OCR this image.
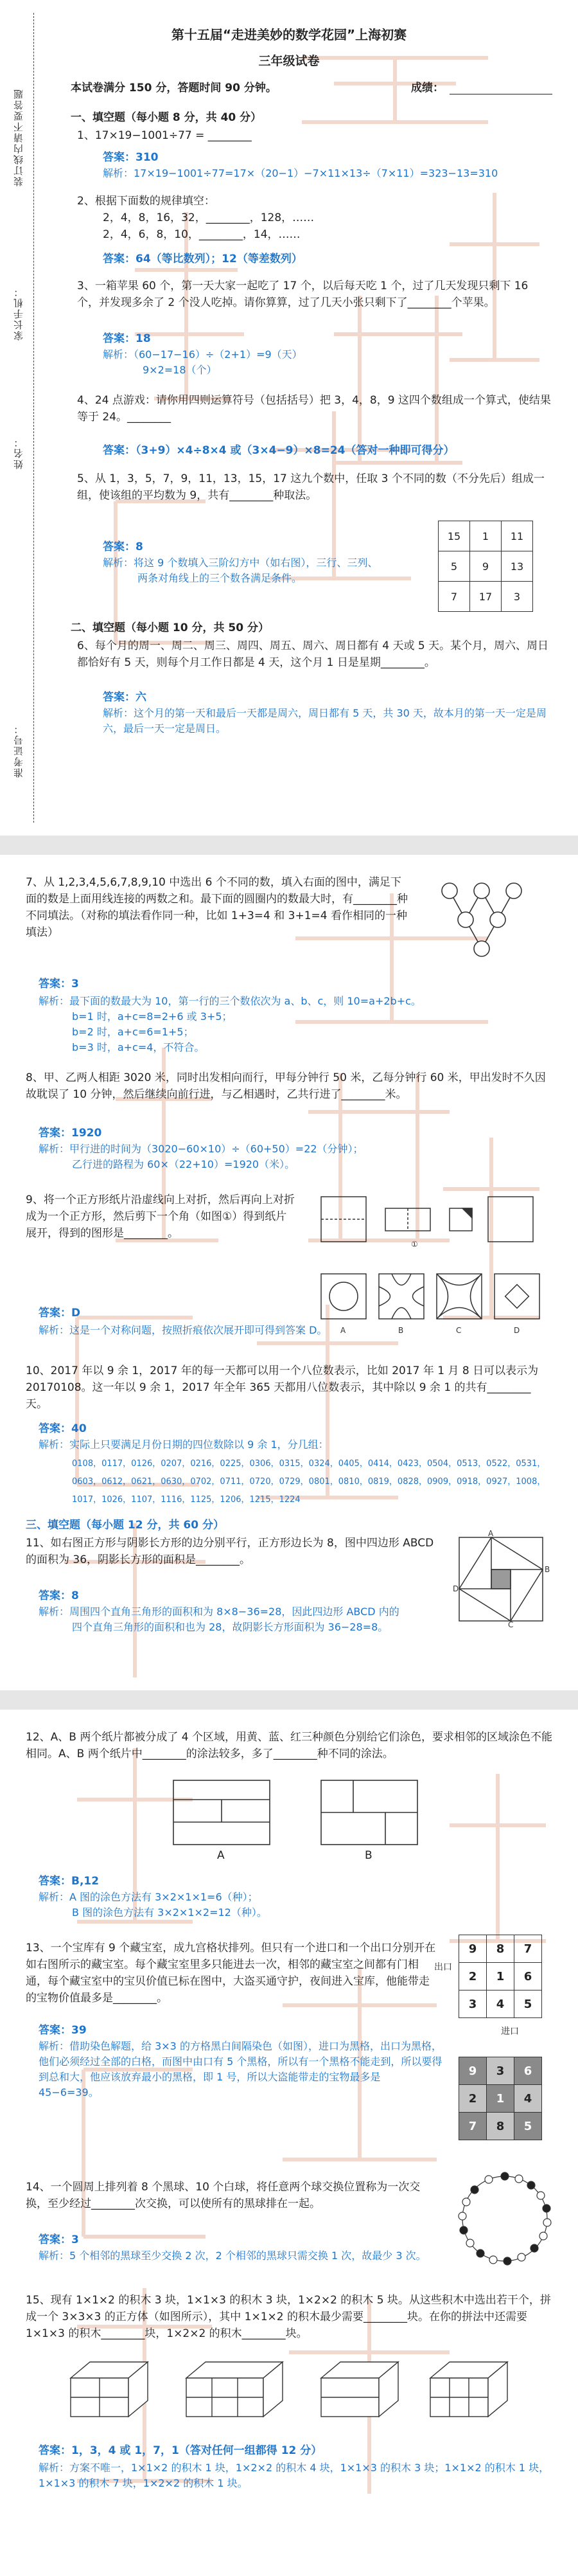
装订线内请不要答题
家长手机：
姓名：
准考证号：
第十五届“走进美妙的数学花园”上海初赛
三年级试卷
本试卷满分 150 分，答题时间 90 分钟。	成绩：
一、填空题（每小题 8 分，共 40 分）
1、17×19−1001÷77 = ________
答案：310
解析：17×19−1001÷77=17×（20−1）−7×11×13÷（7×11）=323−13=310
2、根据下面数的规律填空：
2，4，8，16，32，________，128，……
2，4，6，8，10，________，14，……
答案：64（等比数列）；12（等差数列）
3、一箱苹果 60 个，第一天大家一起吃了 17 个，以后每天吃 1 个，过了几天发现只剩下 16 个，并发现多余了 2 个没人吃掉。请你算算，过了几天小张只剩下了________个苹果。
答案：18
解析：（60−17−16）÷（2+1）=9（天）
9×2=18（个）
4、24 点游戏：请你用四则运算符号（包括括号）把 3，4，8，9 这四个数组成一个算式，使结果等于 24。________
答案：（3+9）×4÷8×4 或（3×4−9）×8=24（答对一种即可得分）
5、从 1，3，5，7，9，11，13，15，17 这九个数中，任取 3 个不同的数（不分先后）组成一组，使该组的平均数为 9，共有________种取法。
15	1	11
5	9	13
7	17	3
答案：8
解析：将这 9 个数填入三阶幻方中（如右图），三行、三列、
两条对角线上的三个数各满足条件。
二、填空题（每小题 10 分，共 50 分）
6、每个月的周一、周二、周三、周四、周五、周六、周日都有 4 天或 5 天。某个月，周六、周日都恰好有 5 天，则每个月工作日都是 4 天，这个月 1 日是星期________。
答案：六
解析：这个月的第一天和最后一天都是周六，周日都有 5 天，共 30 天，故本月的第一天一定是周六，最后一天一定是周日。
7、从 1,2,3,4,5,6,7,8,9,10 中选出 6 个不同的数，填入右面的图中，满足下面的数是上面用线连接的两数之和。最下面的圆圈内的数最大时，有________种不同填法。（对称的填法看作同一种，比如 1+3=4 和 3+1=4 看作相同的一种填法）
答案：3
解析：最下面的数最大为 10，第一行的三个数依次为 a、b、c，则 10=a+2b+c。
b=1 时，a+c=8=2+6 或 3+5；
b=2 时，a+c=6=1+5；
b=3 时，a+c=4，不符合。
8、甲、乙两人相距 3020 米，同时出发相向而行，甲每分钟行 50 米，乙每分钟行 60 米，甲出发时不久因故耽误了 10 分钟，然后继续向前行进，与乙相遇时，乙共行进了________米。
答案：1920
解析：甲行进的时间为（3020−60×10）÷（60+50）=22（分钟）；
乙行进的路程为 60×（22+10）=1920（米）。
9、将一个正方形纸片沿虚线向上对折，然后再向上对折成为一个正方形，然后剪下一个角（如图①）得到纸片展开，得到的图形是________。
①
A	B	C	D
答案：D
解析：这是一个对称问题，按照折痕依次展开即可得到答案 D。
10、2017 年以 9 余 1，2017 年的每一天都可以用一个八位数表示，比如 2017 年 1 月 8 日可以表示为 20170108。这一年以 9 余 1，2017 年全年 365 天都用八位数表示，其中除以 9 余 1 的共有________天。
答案：40
解析：实际上只要满足月份日期的四位数除以 9 余 1，分几组：
0108，0117，0126，0207，0216，0225，0306，0315，0324，0405，0414，0423，0504，0513，0522，0531，
0603，0612，0621，0630，0702，0711，0720，0729，0801，0810，0819，0828，0909，0918，0927，1008，
1017，1026，1107，1116，1125，1206，1215，1224
三、填空题（每小题 12 分，共 60 分）
11、如右图正方形与阴影长方形的边分别平行，正方形边长为 8，图中四边形 ABCD 的面积为 36，阴影长方形的面积是________。
A
B
C
D
答案：8
解析：周围四个直角三角形的面积和为 8×8−36=28，因此四边形 ABCD 内的
四个直角三角形的面积和也为 28，故阴影长方形面积为 36−28=8。
12、A、B 两个纸片都被分成了 4 个区域，用黄、蓝、红三种颜色分别给它们涂色，要求相邻的区域涂色不能相同。A、B 两个纸片中________的涂法较多，多了________种不同的涂法。
A	B
答案：B,12
解析：A 图的涂色方法有 3×2×1×1=6（种）；
B 图的涂色方法有 3×2×1×2=12（种）。
13、一个宝库有 9 个藏宝室，成九宫格状排列。但只有一个进口和一个出口分别开在如右图所示的藏宝室。每个藏宝室里多只能进去一次，相邻的藏宝室之间都有门相通，每个藏宝室中的宝贝价值已标在图中，大盗买通守护，夜间进入宝库，他能带走的宝物价值最多是________。
出口
9	8	7
2	1	6
3	4	5
进口
答案：39
解析：借助染色解题，给 3×3 的方格黑白间隔染色（如图），进口为黑格，出口为黑格，他们必须经过全部的白格，而图中由口有 5 个黑格，所以有一个黑格不能走到，所以要得到总和大，他应该放弃最小的黑格，即 1 号，所以大盗能带走的宝物最多是 45−6=39。
9	3	6
2	1	4
7	8	5
14、一个圆周上排列着 8 个黑球、10 个白球，将任意两个球交换位置称为一次交换，至少经过________次交换，可以使所有的黑球排在一起。
答案：3
解析：5 个相邻的黑球至少交换 2 次，2 个相邻的黑球只需交换 1 次，故最少 3 次。
15、现有 1×1×2 的积木 3 块，1×1×3 的积木 3 块，1×2×2 的积木 5 块。从这些积木中选出若干个，拼成一个 3×3×3 的正方体（如图所示），其中 1×1×2 的积木最少需要________块。在你的拼法中还需要 1×1×3 的积木________块，1×2×2 的积木________块。
答案：1，3，4 或 1，7，1（答对任何一组都得 12 分）
解析：方案不唯一，1×1×2 的积木 1 块，1×2×2 的积木 4 块，1×1×3 的积木 3 块；1×1×2 的积木 1 块，1×1×3 的积木 7 块，1×2×2 的积木 1 块。
